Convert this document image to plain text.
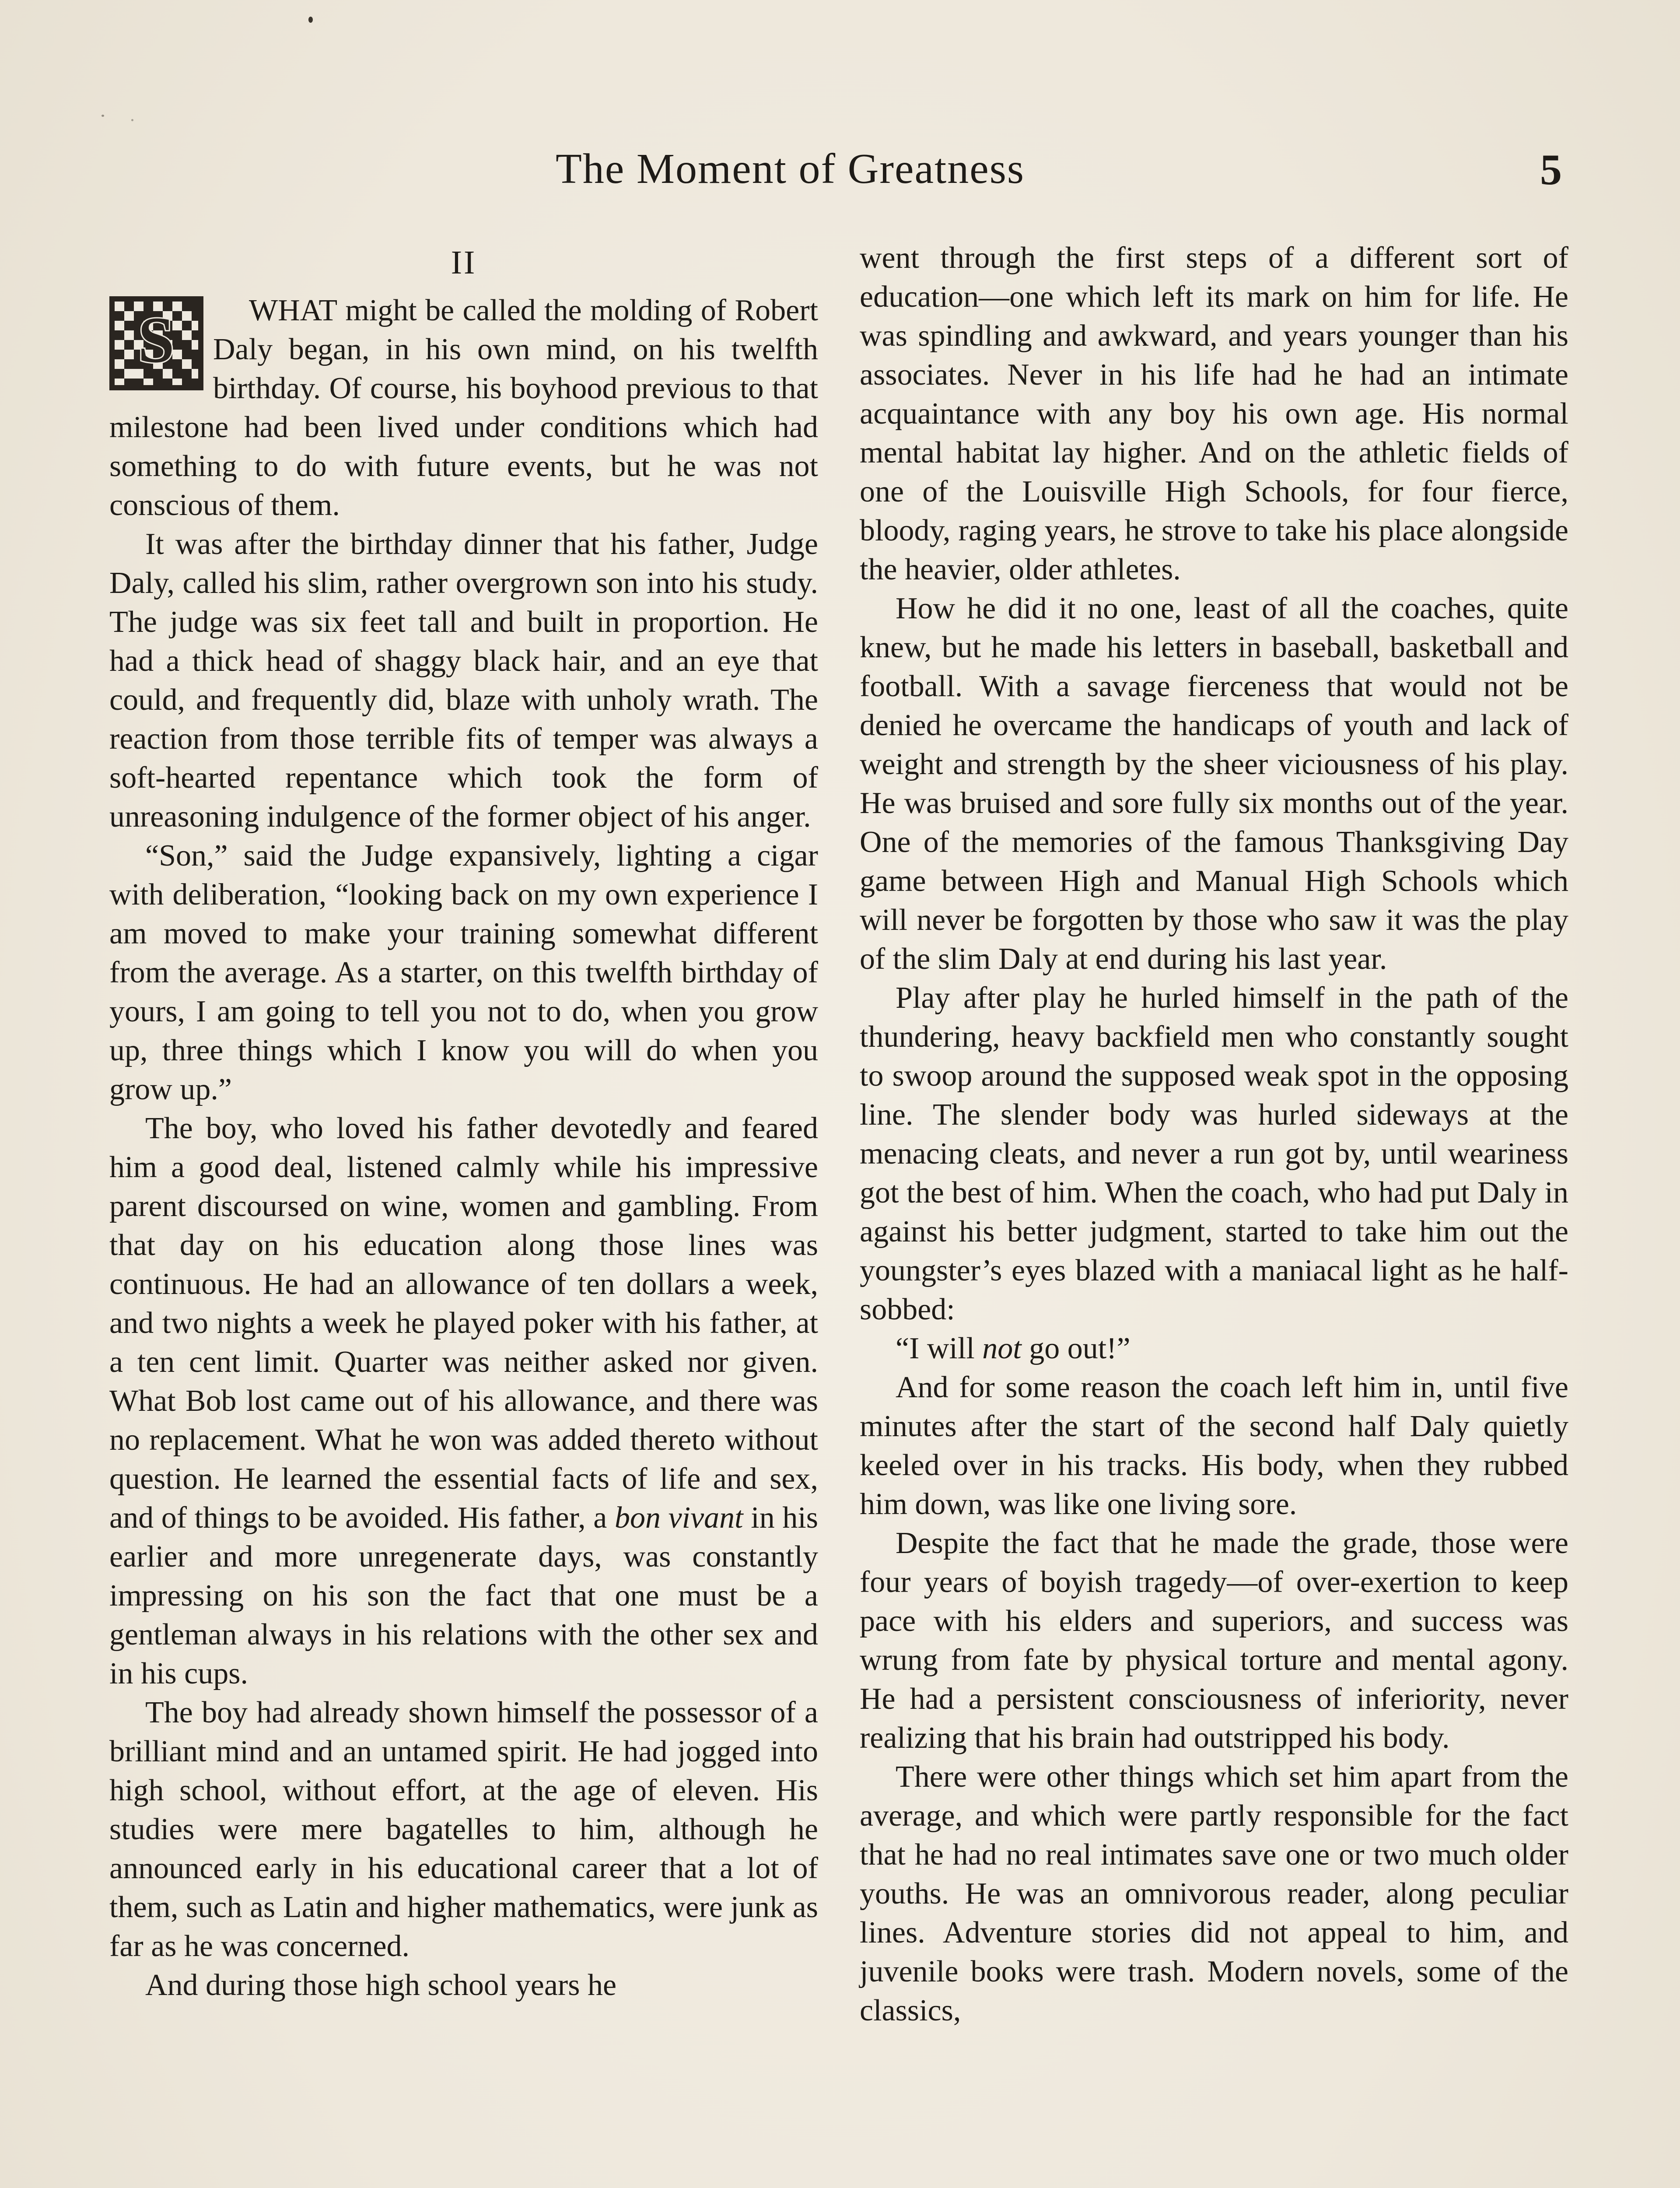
The Moment of Greatness	5
II

S WHAT might be called the molding of Robert Daly began, in his own mind, on his twelfth birthday. Of course, his boyhood previous to that milestone had been lived under conditions which had something to do with future events, but he was not conscious of them.

It was after the birthday dinner that his father, Judge Daly, called his slim, rather overgrown son into his study. The judge was six feet tall and built in proportion. He had a thick head of shaggy black hair, and an eye that could, and frequently did, blaze with unholy wrath. The reaction from those terrible fits of temper was always a soft-hearted repentance which took the form of unreasoning indulgence of the former object of his anger.

“Son,” said the Judge expansively, lighting a cigar with deliberation, “looking back on my own experience I am moved to make your training somewhat different from the average. As a starter, on this twelfth birthday of yours, I am going to tell you not to do, when you grow up, three things which I know you will do when you grow up.”

The boy, who loved his father devotedly and feared him a good deal, listened calmly while his impressive parent discoursed on wine, women and gambling. From that day on his education along those lines was continuous. He had an allowance of ten dollars a week, and two nights a week he played poker with his father, at a ten cent limit. Quarter was neither asked nor given. What Bob lost came out of his allowance, and there was no replacement. What he won was added thereto without question. He learned the essential facts of life and sex, and of things to be avoided. His father, a bon vivant in his earlier and more unregenerate days, was constantly impressing on his son the fact that one must be a gentleman always in his relations with the other sex and in his cups.

The boy had already shown himself the possessor of a brilliant mind and an untamed spirit. He had jogged into high school, without effort, at the age of eleven. His studies were mere bagatelles to him, although he announced early in his educational career that a lot of them, such as Latin and higher mathematics, were junk as far as he was concerned.

And during those high school years he

went through the first steps of a different sort of education—one which left its mark on him for life. He was spindling and awkward, and years younger than his associates. Never in his life had he had an intimate acquaintance with any boy his own age. His normal mental habitat lay higher. And on the athletic fields of one of the Louisville High Schools, for four fierce, bloody, raging years, he strove to take his place alongside the heavier, older athletes.

How he did it no one, least of all the coaches, quite knew, but he made his letters in baseball, basketball and football. With a savage fierceness that would not be denied he overcame the handicaps of youth and lack of weight and strength by the sheer viciousness of his play. He was bruised and sore fully six months out of the year. One of the memories of the famous Thanksgiving Day game between High and Manual High Schools which will never be forgotten by those who saw it was the play of the slim Daly at end during his last year.

Play after play he hurled himself in the path of the thundering, heavy backfield men who constantly sought to swoop around the supposed weak spot in the opposing line. The slender body was hurled sideways at the menacing cleats, and never a run got by, until weariness got the best of him. When the coach, who had put Daly in against his better judgment, started to take him out the youngster’s eyes blazed with a maniacal light as he half-sobbed:

“I will not go out!”

And for some reason the coach left him in, until five minutes after the start of the second half Daly quietly keeled over in his tracks. His body, when they rubbed him down, was like one living sore.

Despite the fact that he made the grade, those were four years of boyish tragedy—of over-exertion to keep pace with his elders and superiors, and success was wrung from fate by physical torture and mental agony. He had a persistent consciousness of inferiority, never realizing that his brain had outstripped his body.

There were other things which set him apart from the average, and which were partly responsible for the fact that he had no real intimates save one or two much older youths. He was an omnivorous reader, along peculiar lines. Adventure stories did not appeal to him, and juvenile books were trash. Modern novels, some of the classics,
